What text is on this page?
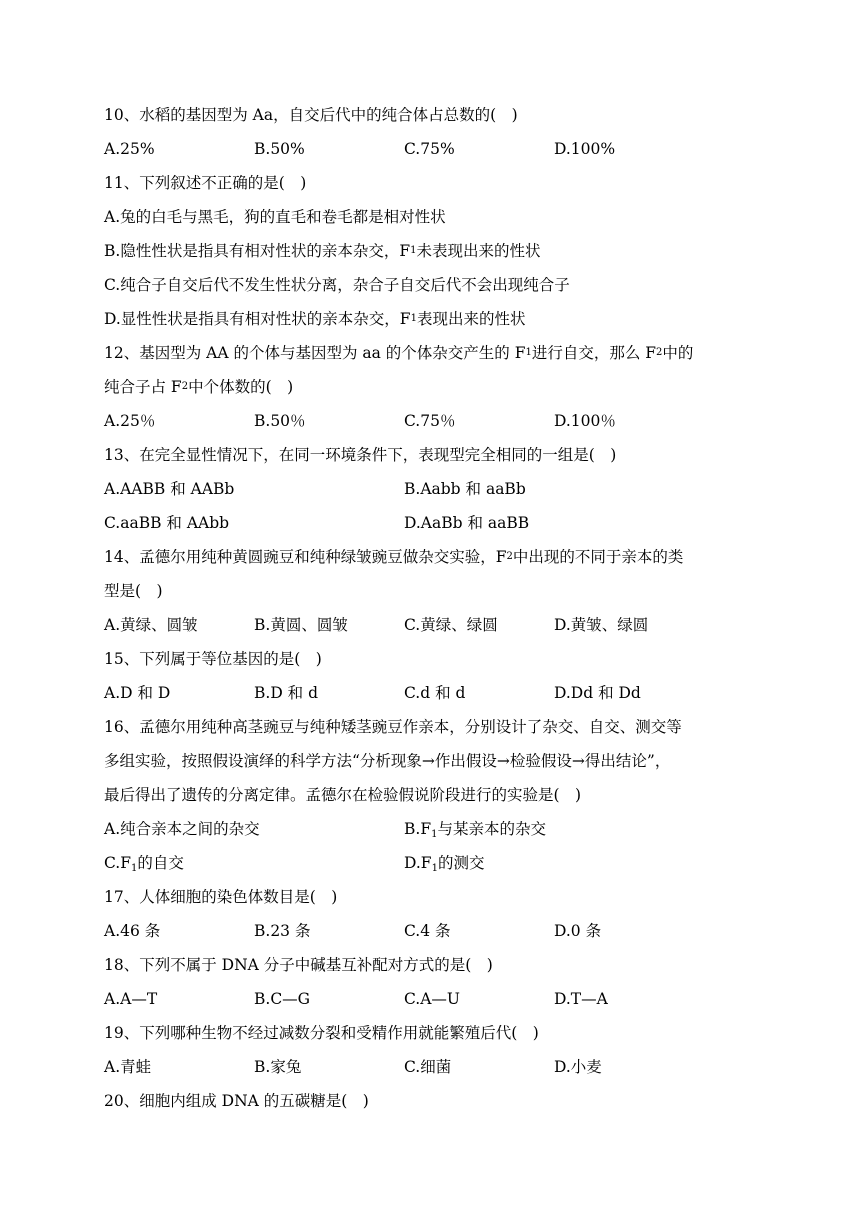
10、水稻的基因型为 Aa，自交后代中的纯合体占总数的(　)
A.25%	B.50%	C.75%	D.100%
11、下列叙述不正确的是(　)
A.兔的白毛与黑毛，狗的直毛和卷毛都是相对性状
B.隐性性状是指具有相对性状的亲本杂交，F 1 未表现出来的性状
C.纯合子自交后代不发生性状分离，杂合子自交后代不会出现纯合子
D.显性性状是指具有相对性状的亲本杂交，F 1 表现出来的性状
12、基因型为 AA 的个体与基因型为 aa 的个体杂交产生的 F 1 进行自交，那么 F 2 中的
纯合子占 F 2 中个体数的(　)
A.25％	B.50％	C.75％	D.100％
13、在完全显性情况下，在同一环境条件下，表现型完全相同的一组是(　)
A.AABB 和 AABb	B.Aabb 和 aaBb
C.aaBB 和 AAbb	D.AaBb 和 aaBB
14、孟德尔用纯种黄圆豌豆和纯种绿皱豌豆做杂交实验，F 2 中出现的不同于亲本的类
型是(　)
A.黄绿、圆皱	B.黄圆、圆皱	C.黄绿、绿圆	D.黄皱、绿圆
15、下列属于等位基因的是(　)
A.D 和 D	B.D 和 d	C.d 和 d	D.Dd 和 Dd
16、孟德尔用纯种高茎豌豆与纯种矮茎豌豆作亲本，分别设计了杂交、自交、测交等
多组实验，按照假设演绎的科学方法“分析现象→作出假设→检验假设→得出结论”，
最后得出了遗传的分离定律。孟德尔在检验假说阶段进行的实验是(　)
A.纯合亲本之间的杂交	$B.F_1$与某亲本的杂交
$C.F_1$的自交	$D.F_1$的测交
17、人体细胞的染色体数目是(　)
A.46 条	B.23 条	C.4 条	D.0 条
18、下列不属于 DNA 分子中碱基互补配对方式的是(　)
A.A—T	B.C—G	C.A—U	D.T—A
19、下列哪种生物不经过减数分裂和受精作用就能繁殖后代(　)
A.青蛙	B.家兔	C.细菌	D.小麦
20、细胞内组成 DNA 的五碳糖是(　)
